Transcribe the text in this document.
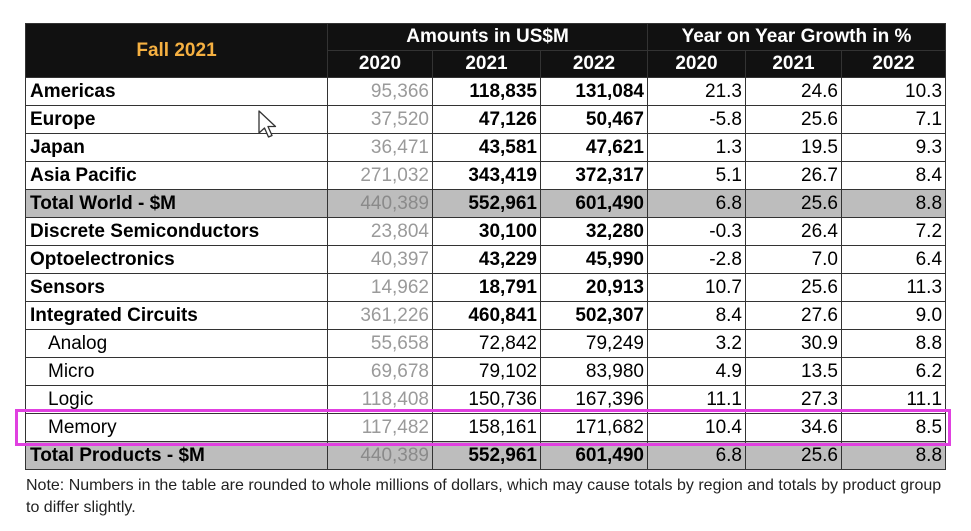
Fall 2021	Amounts in US$M			Year on Year Growth in %		
	2020	2021	2022	2020	2021	2022
Americas	95,366	118,835	131,084	21.3	24.6	10.3
Europe	37,520	47,126	50,467	-5.8	25.6	7.1
Japan	36,471	43,581	47,621	1.3	19.5	9.3
Asia Pacific	271,032	343,419	372,317	5.1	26.7	8.4
Total World - $M	440,389	552,961	601,490	6.8	25.6	8.8
Discrete Semiconductors	23,804	30,100	32,280	-0.3	26.4	7.2
Optoelectronics	40,397	43,229	45,990	-2.8	7.0	6.4
Sensors	14,962	18,791	20,913	10.7	25.6	11.3
Integrated Circuits	361,226	460,841	502,307	8.4	27.6	9.0
Analog	55,658	72,842	79,249	3.2	30.9	8.8
Micro	69,678	79,102	83,980	4.9	13.5	6.2
Logic	118,408	150,736	167,396	11.1	27.3	11.1
Memory	117,482	158,161	171,682	10.4	34.6	8.5
Total Products - $M	440,389	552,961	601,490	6.8	25.6	8.8
Note: Numbers in the table are rounded to whole millions of dollars, which may cause totals by region and totals by product group to differ slightly.
